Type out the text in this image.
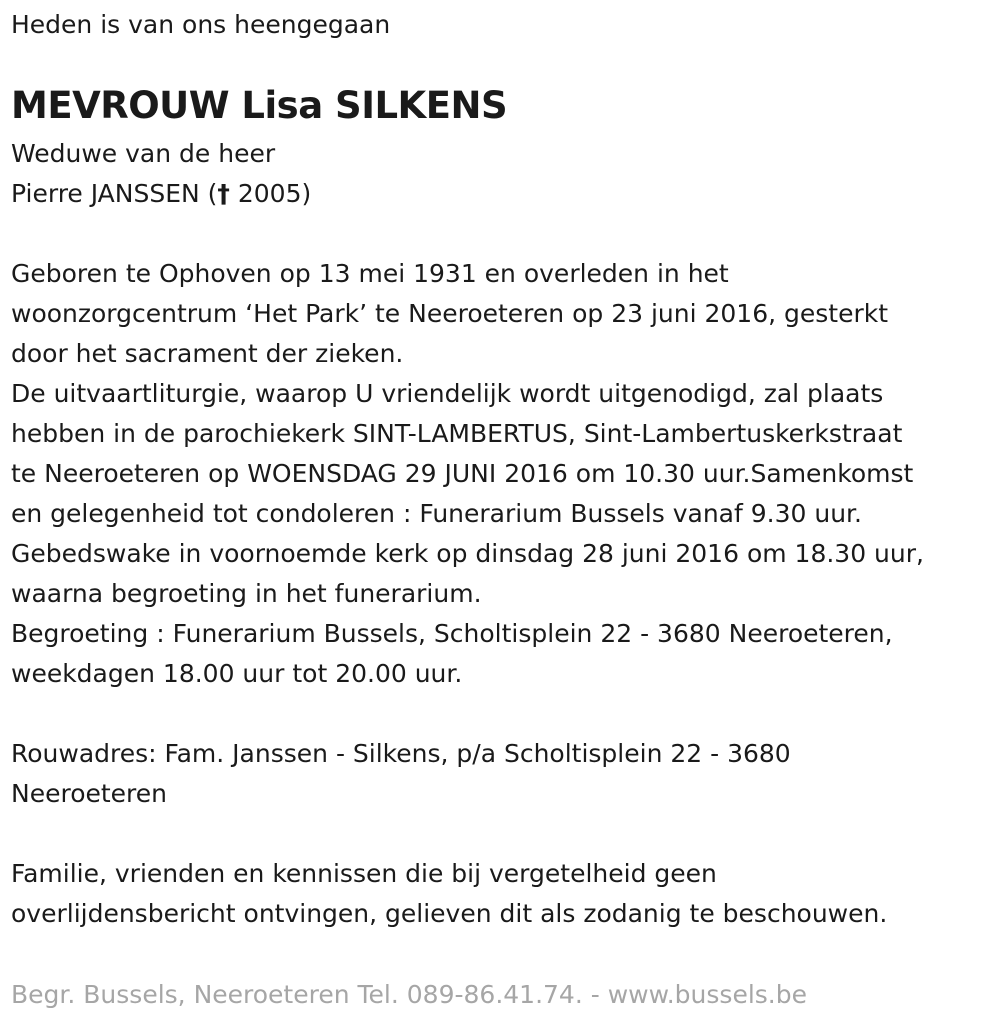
Heden is van ons heengegaan
MEVROUW Lisa SILKENS
Weduwe van de heer
Pierre JANSSEN († 2005)
Geboren te Ophoven op 13 mei 1931 en overleden in het
woonzorgcentrum ‘Het Park’ te Neeroeteren op 23 juni 2016, gesterkt
door het sacrament der zieken.
De uitvaartliturgie, waarop U vriendelijk wordt uitgenodigd, zal plaats
hebben in de parochiekerk SINT-LAMBERTUS, Sint-Lambertuskerkstraat
te Neeroeteren op WOENSDAG 29 JUNI 2016 om 10.30 uur.Samenkomst
en gelegenheid tot condoleren : Funerarium Bussels vanaf 9.30 uur.
Gebedswake in voornoemde kerk op dinsdag 28 juni 2016 om 18.30 uur,
waarna begroeting in het funerarium.
Begroeting : Funerarium Bussels, Scholtisplein 22 - 3680 Neeroeteren,
weekdagen 18.00 uur tot 20.00 uur.
Rouwadres: Fam. Janssen - Silkens, p/a Scholtisplein 22 - 3680
Neeroeteren
Familie, vrienden en kennissen die bij vergetelheid geen
overlijdensbericht ontvingen, gelieven dit als zodanig te beschouwen.
Begr. Bussels, Neeroeteren Tel. 089-86.41.74. - www.bussels.be
